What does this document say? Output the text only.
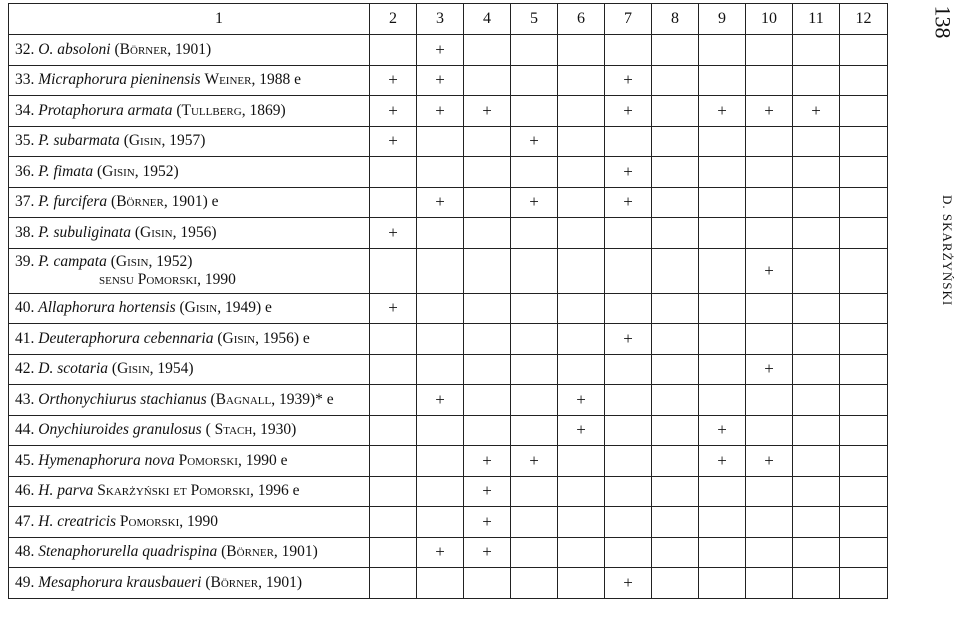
1	2	3	4	5	6	7	8	9	10	11	12
32. O. absoloni (Börner, 1901)		+									
33. Micraphorura pieninensis Weiner, 1988 e	+	+				+					
34. Protaphorura armata (Tullberg, 1869)	+	+	+			+		+	+	+	
35. P. subarmata (Gisin, 1957)	+			+							
36. P. fimata (Gisin, 1952)						+					
37. P. furcifera (Börner, 1901) e		+		+		+					
38. P. subuliginata (Gisin, 1956)	+										
39. P. campata (Gisin, 1952)
sensu Pomorski, 1990									+		
40. Allaphorura hortensis (Gisin, 1949) e	+										
41. Deuteraphorura cebennaria (Gisin, 1956) e						+					
42. D. scotaria (Gisin, 1954)									+		
43. Orthonychiurus stachianus (Bagnall, 1939)* e		+			+						
44. Onychiuroides granulosus ( Stach, 1930)					+			+			
45. Hymenaphorura nova Pomorski, 1990 e			+	+				+	+		
46. H. parva Skarżyński et Pomorski, 1996 e			+								
47. H. creatricis Pomorski, 1990			+								
48. Stenaphorurella quadrispina (Börner, 1901)		+	+								
49. Mesaphorura krausbaueri (Börner, 1901)						+					
138
D. SKARŻYŃSKI
